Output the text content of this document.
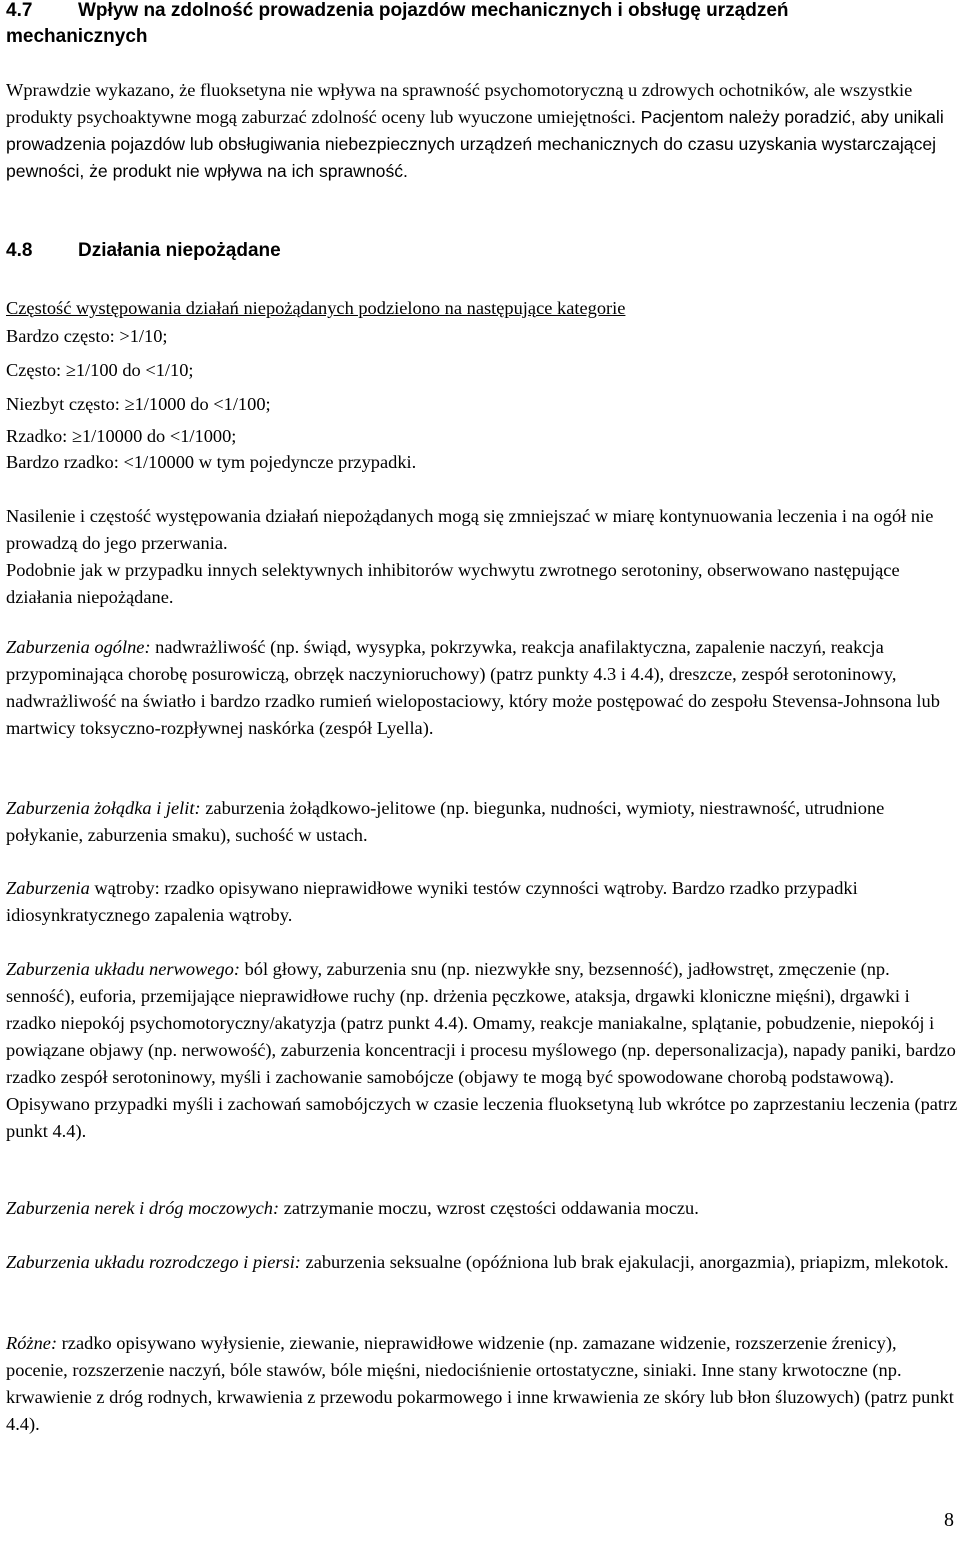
4.7 Wpływ na zdolność prowadzenia pojazdów mechanicznych i obsługę urządzeń
mechanicznych

Wprawdzie wykazano, że fluoksetyna nie wpływa na sprawność psychomotoryczną u zdrowych ochotników, ale wszystkie produkty psychoaktywne mogą zaburzać zdolność oceny lub wyuczone umiejętności. Pacjentom należy poradzić, aby unikali prowadzenia pojazdów lub obsługiwania niebezpiecznych urządzeń mechanicznych do czasu uzyskania wystarczającej pewności, że produkt nie wpływa na ich sprawność.

4.8 Działania niepożądane

Częstość występowania działań niepożądanych podzielono na następujące kategorie

Bardzo często: >1/10;

Często: ≥1/100 do <1/10;

Niezbyt często: ≥1/1000 do <1/100;

Rzadko: ≥1/10000 do <1/1000;

Bardzo rzadko: <1/10000 w tym pojedyncze przypadki.

Nasilenie i częstość występowania działań niepożądanych mogą się zmniejszać w miarę kontynuowania leczenia i na ogół nie prowadzą do jego przerwania.
Podobnie jak w przypadku innych selektywnych inhibitorów wychwytu zwrotnego serotoniny, obserwowano następujące działania niepożądane.

Zaburzenia ogólne: nadwrażliwość (np. świąd, wysypka, pokrzywka, reakcja anafilaktyczna, zapalenie naczyń, reakcja przypominająca chorobę posurowiczą, obrzęk naczynioruchowy) (patrz punkty 4.3 i 4.4), dreszcze, zespół serotoninowy, nadwrażliwość na światło i bardzo rzadko rumień wielopostaciowy, który może postępować do zespołu Stevensa-Johnsona lub martwicy toksyczno-rozpływnej naskórka (zespół Lyella).

Zaburzenia żołądka i jelit: zaburzenia żołądkowo-jelitowe (np. biegunka, nudności, wymioty, niestrawność, utrudnione połykanie, zaburzenia smaku), suchość w ustach.

Zaburzenia wątroby: rzadko opisywano nieprawidłowe wyniki testów czynności wątroby. Bardzo rzadko przypadki idiosynkratycznego zapalenia wątroby.

Zaburzenia układu nerwowego: ból głowy, zaburzenia snu (np. niezwykłe sny, bezsenność), jadłowstręt, zmęczenie (np. senność), euforia, przemijające nieprawidłowe ruchy (np. drżenia pęczkowe, ataksja, drgawki kloniczne mięśni), drgawki i rzadko niepokój psychomotoryczny/akatyzja (patrz punkt 4.4). Omamy, reakcje maniakalne, splątanie, pobudzenie, niepokój i powiązane objawy (np. nerwowość), zaburzenia koncentracji i procesu myślowego (np. depersonalizacja), napady paniki, bardzo rzadko zespół serotoninowy, myśli i zachowanie samobójcze (objawy te mogą być spowodowane chorobą podstawową). Opisywano przypadki myśli i zachowań samobójczych w czasie leczenia fluoksetyną lub wkrótce po zaprzestaniu leczenia (patrz punkt 4.4).

Zaburzenia nerek i dróg moczowych: zatrzymanie moczu, wzrost częstości oddawania moczu.

Zaburzenia układu rozrodczego i piersi: zaburzenia seksualne (opóźniona lub brak ejakulacji, anorgazmia), priapizm, mlekotok.

Różne: rzadko opisywano wyłysienie, ziewanie, nieprawidłowe widzenie (np. zamazane widzenie, rozszerzenie źrenicy), pocenie, rozszerzenie naczyń, bóle stawów, bóle mięśni, niedociśnienie ortostatyczne, siniaki. Inne stany krwotoczne (np. krwawienie z dróg rodnych, krwawienia z przewodu pokarmowego i inne krwawienia ze skóry lub błon śluzowych) (patrz punkt 4.4).

8
